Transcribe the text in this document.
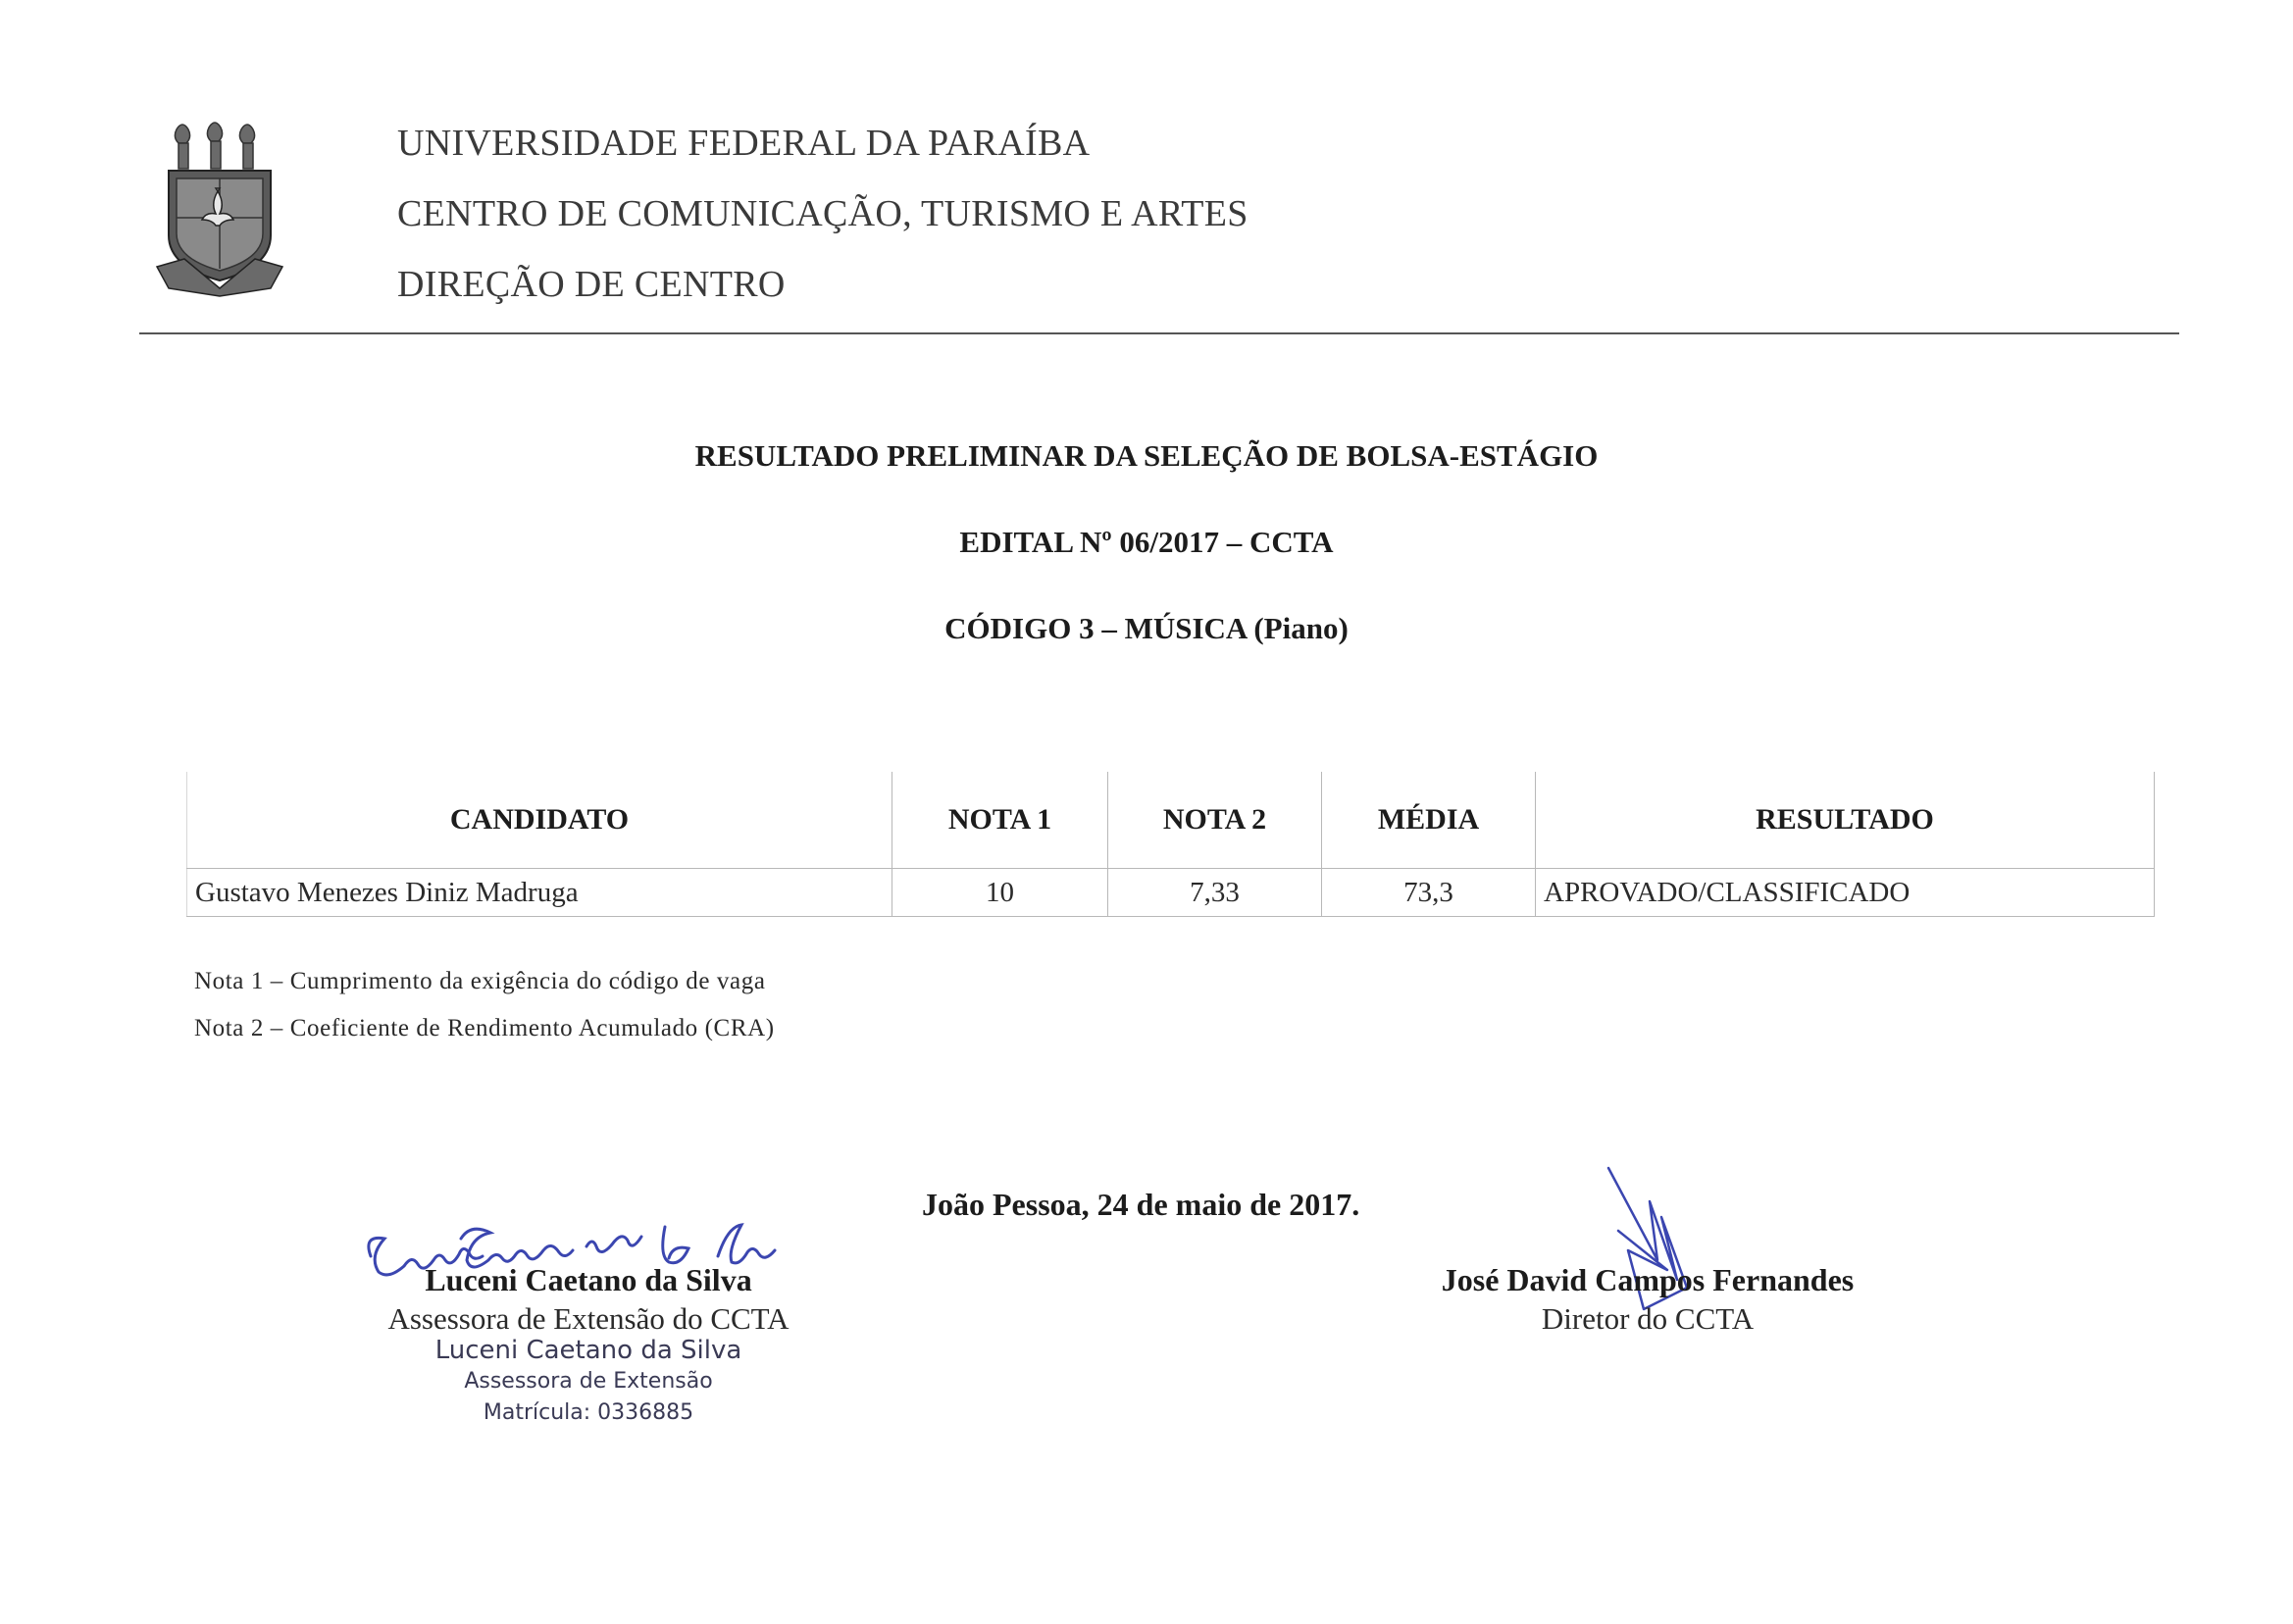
UNIVERSIDADE FEDERAL DA PARAÍBA
CENTRO DE COMUNICAÇÃO, TURISMO E ARTES
DIREÇÃO DE CENTRO
RESULTADO PRELIMINAR DA SELEÇÃO DE BOLSA-ESTÁGIO
EDITAL Nº 06/2017 – CCTA
CÓDIGO 3 – MÚSICA (Piano)
CANDIDATO	NOTA 1	NOTA 2	MÉDIA	RESULTADO
Gustavo Menezes Diniz Madruga	10	7,33	73,3	APROVADO/CLASSIFICADO
Nota 1 – Cumprimento da exigência do código de vaga
Nota 2 – Coeficiente de Rendimento Acumulado (CRA)
João Pessoa, 24 de maio de 2017.
Luceni Caetano da Silva
Assessora de Extensão do CCTA
Luceni Caetano da Silva
Assessora de Extensão
Matrícula: 0336885
José David Campos Fernandes
Diretor do CCTA
